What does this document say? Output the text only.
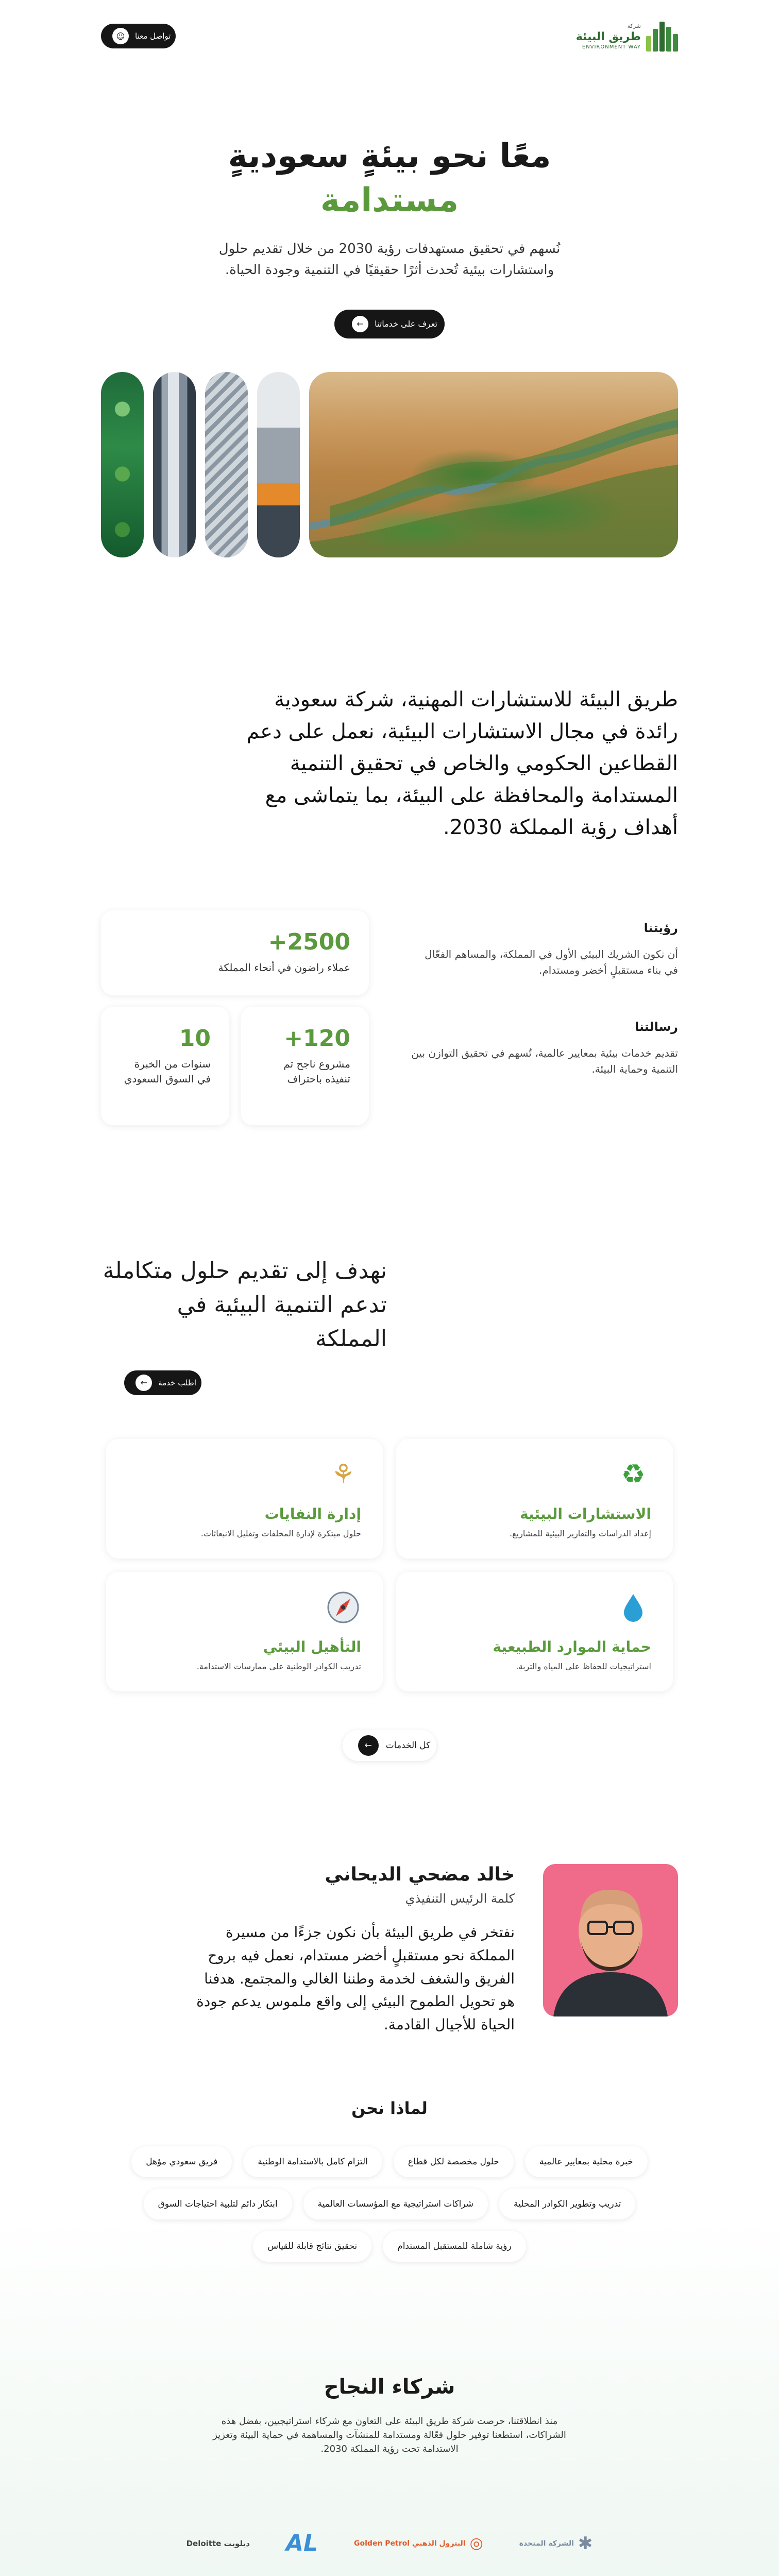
شركة
طريق البيئة
ENVIRONMENT WAY
تواصل معنا
☺
معًا نحو بيئةٍ سعوديةٍ
مستدامة

نُسهم في تحقيق مستهدفات رؤية 2030 من خلال تقديم حلول واستشارات بيئية تُحدث أثرًا حقيقيًا في التنمية وجودة الحياة.

تعرف على خدماتنا
←
طريق البيئة للاستشارات المهنية، شركة سعودية رائدة في مجال الاستشارات البيئية، نعمل على دعم القطاعين الحكومي والخاص في تحقيق التنمية المستدامة والمحافظة على البيئة، بما يتماشى مع أهداف رؤية المملكة 2030.
رؤيتنا

أن نكون الشريك البيئي الأول في المملكة، والمساهم الفعّال في بناء مستقبلٍ أخضر ومستدام.

رسالتنا

تقديم خدمات بيئية بمعايير عالمية، تُسهم في تحقيق التوازن بين التنمية وحماية البيئة.

+2500
عملاء راضون في أنحاء المملكة
+120
مشروع ناجح تم تنفيذه باحتراف
10
سنوات من الخبرة في السوق السعودي
نهدف إلى تقديم حلول متكاملة تدعم التنمية البيئية في المملكة
اطلب خدمة
←
♻
الاستشارات البيئية

إعداد الدراسات والتقارير البيئية للمشاريع.

⚘
إدارة النفايات

حلول مبتكرة لإدارة المخلفات وتقليل الانبعاثات.

حماية الموارد الطبيعية

استراتيجيات للحفاظ على المياه والتربة.

التأهيل البيئي

تدريب الكوادر الوطنية على ممارسات الاستدامة.

كل الخدمات
←
خالد مضحي الديحاني
كلمة الرئيس التنفيذي

نفتخر في طريق البيئة بأن نكون جزءًا من مسيرة المملكة نحو مستقبلٍ أخضر مستدام، نعمل فيه بروح الفريق والشغف لخدمة وطننا الغالي والمجتمع. هدفنا هو تحويل الطموح البيئي إلى واقع ملموس يدعم جودة الحياة للأجيال القادمة.

لماذا نحن
خبرة محلية بمعايير عالمية
حلول مخصصة لكل قطاع
التزام كامل بالاستدامة الوطنية
فريق سعودي مؤهل
تدريب وتطوير الكوادر المحلية
شراكات استراتيجية مع المؤسسات العالمية
ابتكار دائم لتلبية احتياجات السوق
رؤية شاملة للمستقبل المستدام
تحقيق نتائج قابلة للقياس
شركاء النجاح

منذ انطلاقتنا، حرصت شركة طريق البيئة على التعاون مع شركاء استراتيجيين، بفضل هذه الشراكات، استطعنا توفير حلول فعّالة ومستدامة للمنشآت والمساهمة في حماية البيئة وتعزيز الاستدامة تحت رؤية المملكة 2030.

✱
الشركة المتحدة
◎
البترول الذهبي Golden Petrol
AL
ديلويت Deloitte
